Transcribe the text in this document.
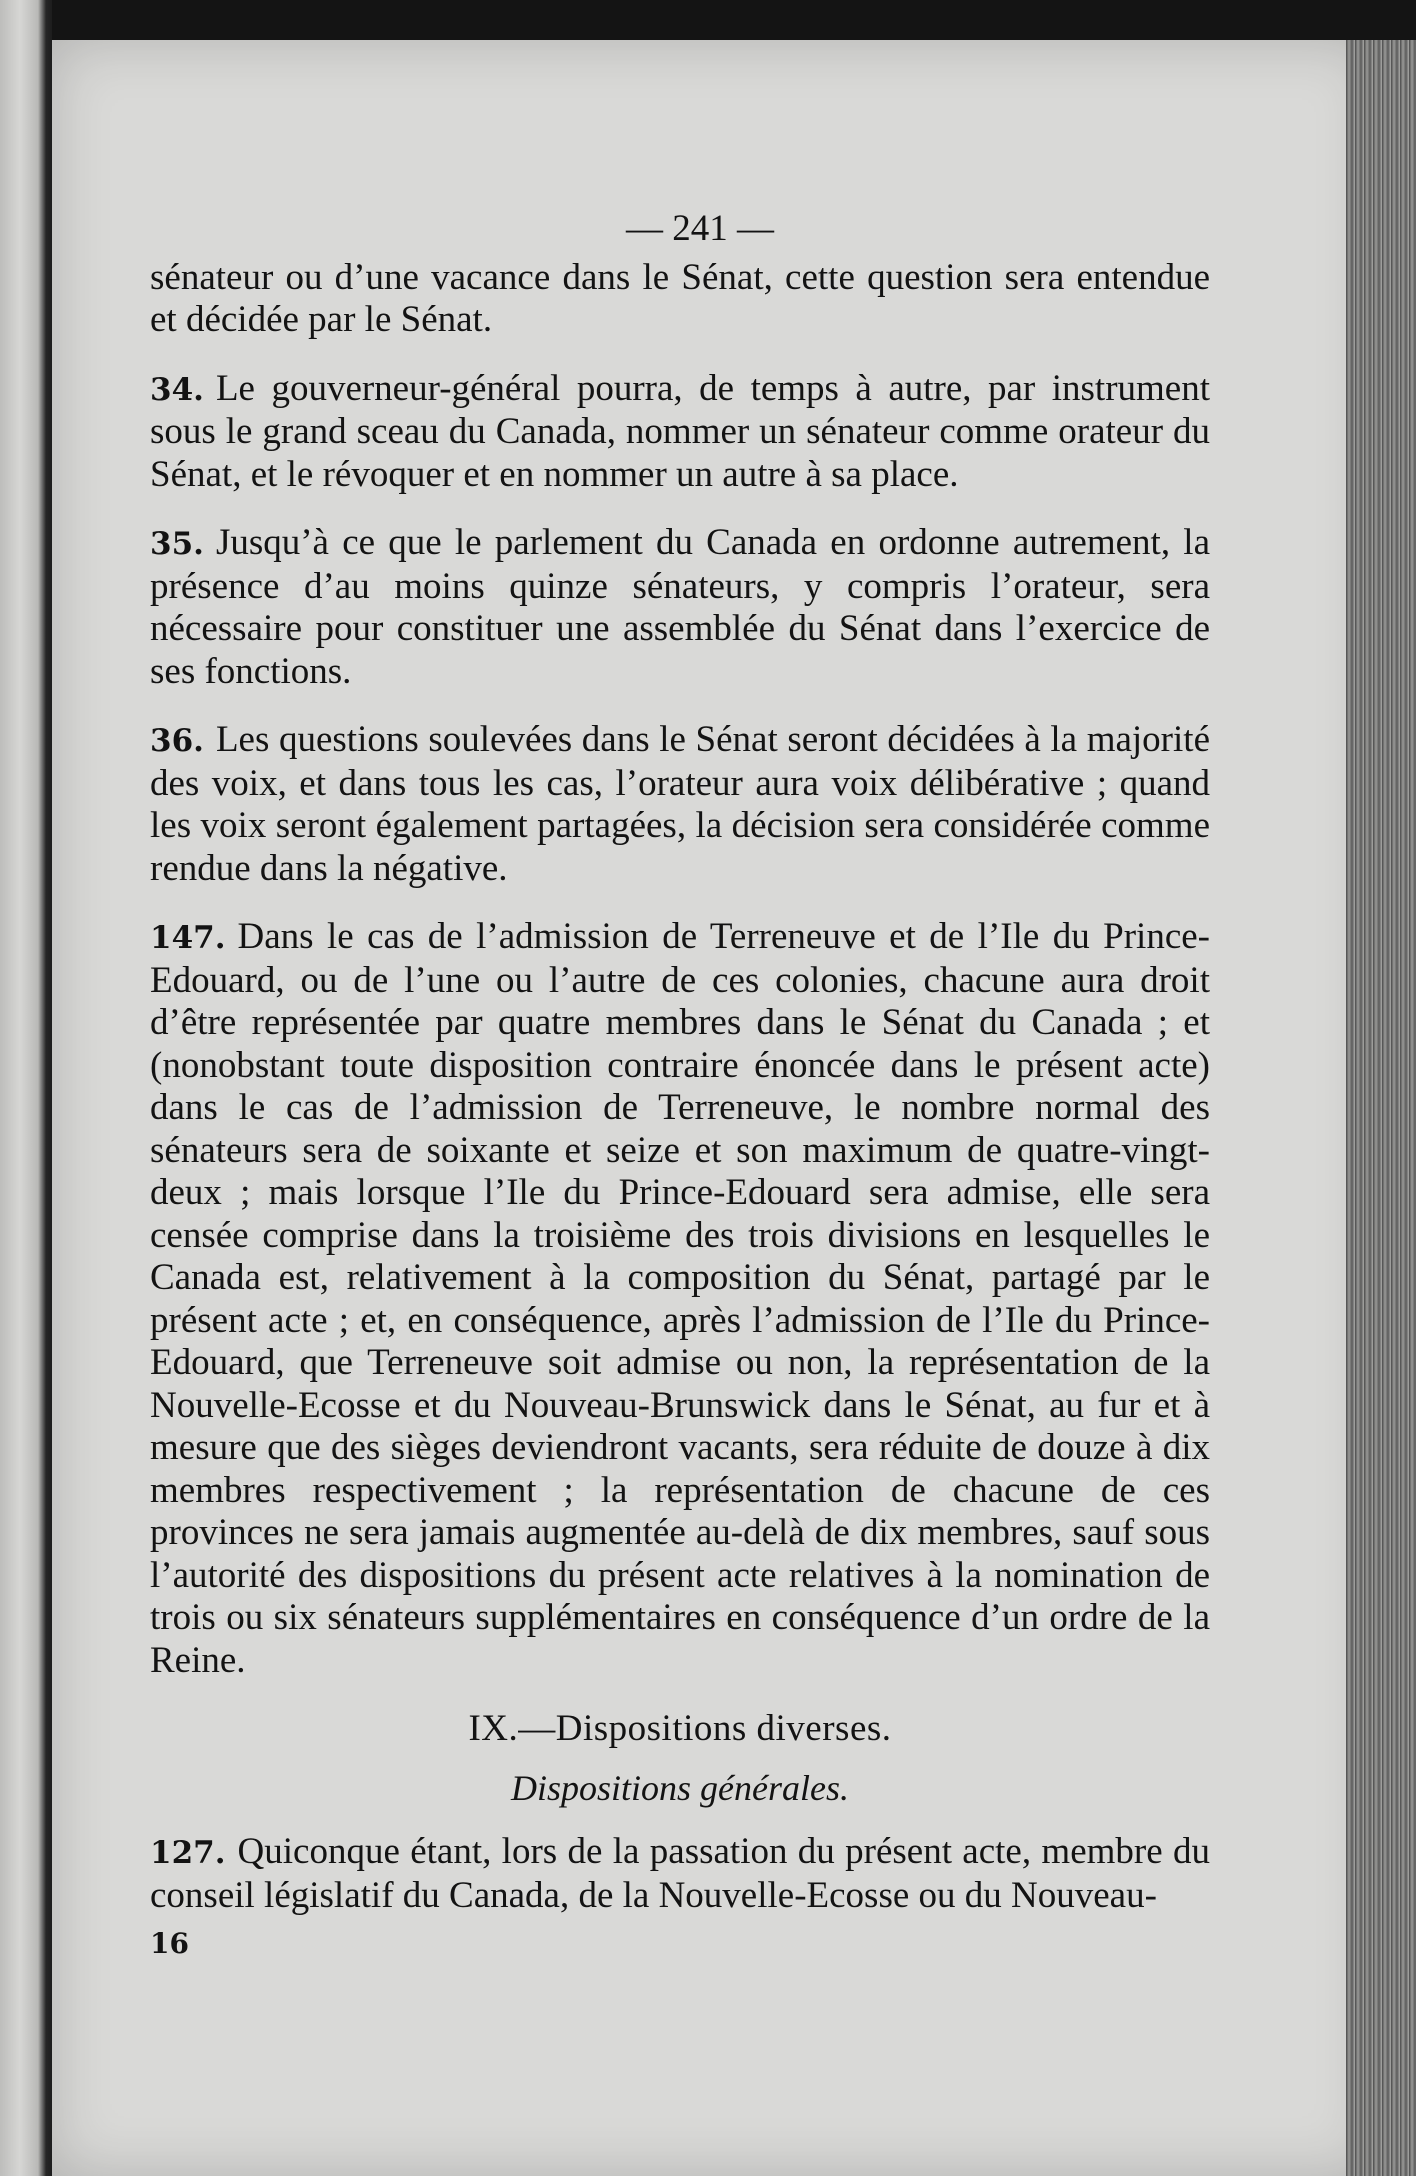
— 241 —

sénateur ou d’une vacance dans le Sénat, cette question sera entendue et décidée par le Sénat.

34. Le gouverneur-général pourra, de temps à autre, par instrument sous le grand sceau du Canada, nommer un sénateur comme orateur du Sénat, et le révoquer et en nommer un autre à sa place.

35. Jusqu’à ce que le parlement du Canada en ordonne autrement, la présence d’au moins quinze sénateurs, y compris l’orateur, sera nécessaire pour constituer une assemblée du Sénat dans l’exercice de ses fonctions.

36. Les questions soulevées dans le Sénat seront décidées à la majorité des voix, et dans tous les cas, l’orateur aura voix délibérative ; quand les voix seront également partagées, la décision sera considérée comme rendue dans la négative.

147. Dans le cas de l’admission de Terreneuve et de l’Ile du Prince-Edouard, ou de l’une ou l’autre de ces colonies, chacune aura droit d’être représentée par quatre membres dans le Sénat du Canada ; et (nonobstant toute disposition contraire énoncée dans le présent acte) dans le cas de l’admission de Terreneuve, le nombre normal des sénateurs sera de soixante et seize et son maximum de quatre-vingt-deux ; mais lorsque l’Ile du Prince-Edouard sera admise, elle sera censée comprise dans la troisième des trois divisions en lesquelles le Canada est, relativement à la composition du Sénat, partagé par le présent acte ; et, en conséquence, après l’admission de l’Ile du Prince-Edouard, que Terreneuve soit admise ou non, la représentation de la Nouvelle-Ecosse et du Nouveau-Brunswick dans le Sénat, au fur et à mesure que des sièges deviendront vacants, sera réduite de douze à dix membres respectivement ; la représentation de chacune de ces provinces ne sera jamais augmentée au-delà de dix membres, sauf sous l’autorité des dispositions du présent acte relatives à la nomination de trois ou six sénateurs supplémentaires en conséquence d’un ordre de la Reine.

IX.—Dispositions diverses.
Dispositions générales.

127. Quiconque étant, lors de la passation du présent acte, membre du conseil législatif du Canada, de la Nouvelle-Ecosse ou du Nouveau-

16
